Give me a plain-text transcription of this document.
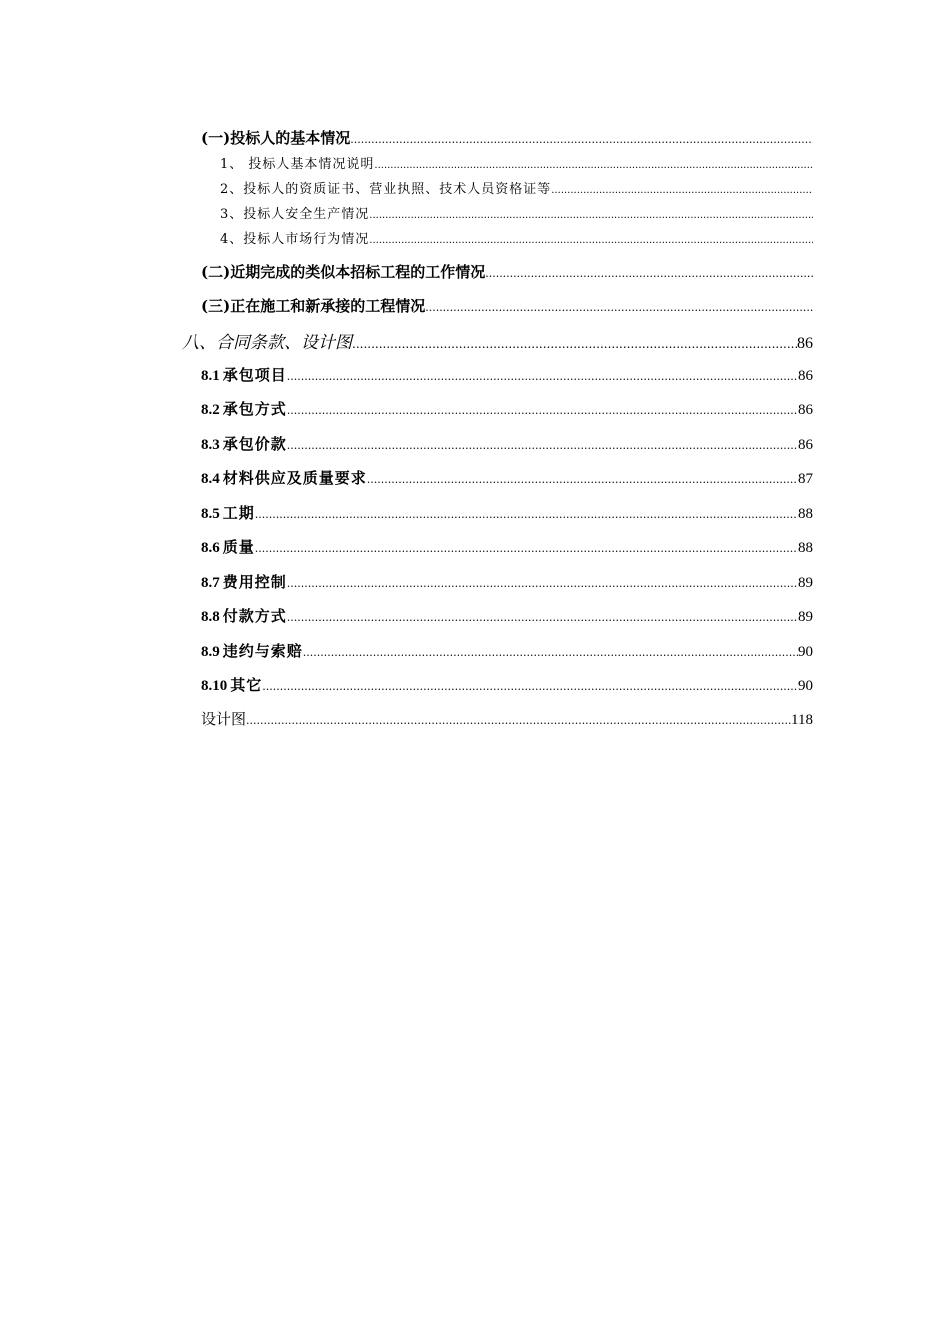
(一)投标人的基本情况
.....
1、 投标人基本情况说明
.....
2、投标人的资质证书、营业执照、技术人员资格证等
.....
3、投标人安全生产情况
.....
4、投标人市场行为情况
.....
(二)近期完成的类似本招标工程的工作情况
.....
(三)正在施工和新承接的工程情况
.....
八、合同条款、设计图 .....	86
8.1 承包项目 .....	86
8.2 承包方式 .....	86
8.3 承包价款 .....	86
8.4 材料供应及质量要求 .....	87
8.5 工期 .....	88
8.6 质量 .....	88
8.7 费用控制 .....	89
8.8 付款方式 .....	89
8.9 违约与索赔 .....	90
8.10 其它 .....	90
设计图 .....	118
